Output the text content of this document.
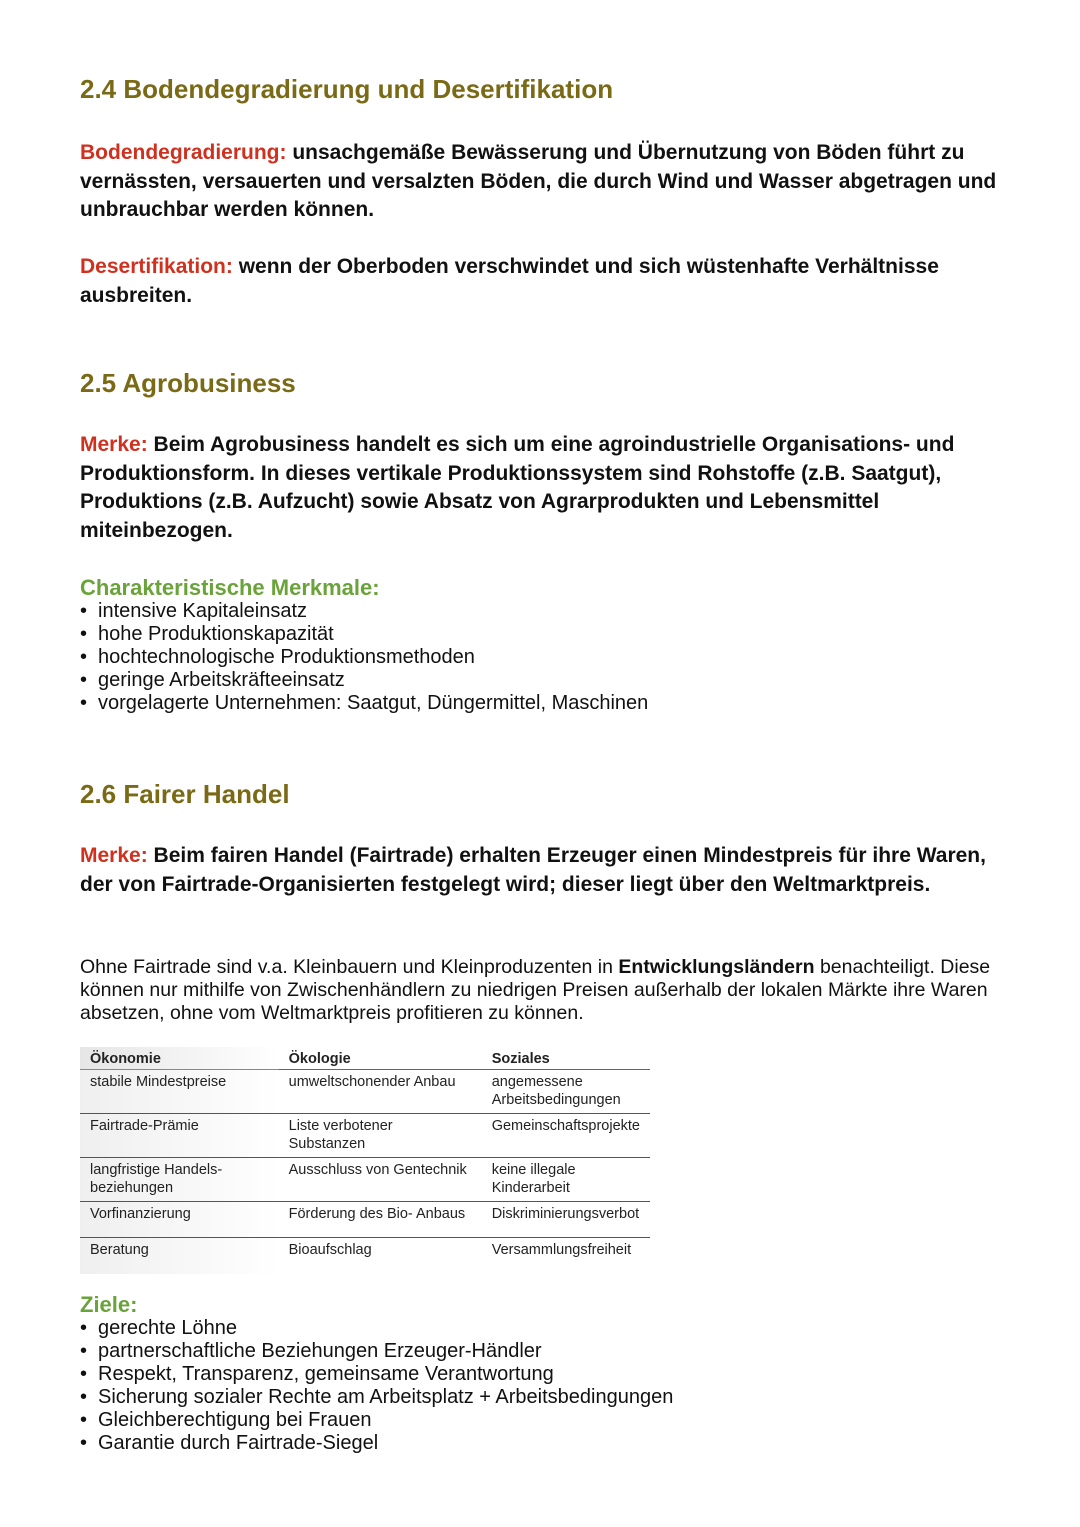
2.4 Bodendegradierung und Desertifikation

Bodendegradierung: unsachgemäße Bewässerung und Übernutzung von Böden führt zu vernässten, versauerten und versalzten Böden, die durch Wind und Wasser abgetragen und unbrauchbar werden können.

Desertifikation: wenn der Oberboden verschwindet und sich wüstenhafte Verhältnisse ausbreiten.

2.5 Agrobusiness

Merke: Beim Agrobusiness handelt es sich um eine agroindustrielle Organisations- und Produktionsform. In dieses vertikale Produktionssystem sind Rohstoffe (z.B. Saatgut), Produktions (z.B. Aufzucht) sowie Absatz von Agrarprodukten und Lebensmittel miteinbezogen.

Charakteristische Merkmale:
• intensive Kapitaleinsatz
• hohe Produktionskapazität
• hochtechnologische Produktionsmethoden
• geringe Arbeitskräfteeinsatz
• vorgelagerte Unternehmen: Saatgut, Düngermittel, Maschinen
2.6 Fairer Handel

Merke: Beim fairen Handel (Fairtrade) erhalten Erzeuger einen Mindestpreis für ihre Waren, der von Fairtrade-Organisierten festgelegt wird; dieser liegt über den Weltmarktpreis.

Ohne Fairtrade sind v.a. Kleinbauern und Kleinproduzenten in Entwicklungsländern benachteiligt. Diese können nur mithilfe von Zwischenhändlern zu niedrigen Preisen außerhalb der lokalen Märkte ihre Waren absetzen, ohne vom Weltmarktpreis profitieren zu können.

Ökonomie	Ökologie	Soziales
stabile Mindestpreise	umweltschonender Anbau	angemessene Arbeitsbedingungen
Fairtrade-Prämie	Liste verbotener Substanzen	Gemeinschaftsprojekte
langfristige Handels- beziehungen	Ausschluss von Gentechnik	keine illegale Kinderarbeit
Vorfinanzierung	Förderung des Bio- Anbaus	Diskriminierungsverbot
Beratung	Bioaufschlag	Versammlungsfreiheit
Ziele:
• gerechte Löhne
• partnerschaftliche Beziehungen Erzeuger-Händler
• Respekt, Transparenz, gemeinsame Verantwortung
• Sicherung sozialer Rechte am Arbeitsplatz + Arbeitsbedingungen
• Gleichberechtigung bei Frauen
• Garantie durch Fairtrade-Siegel
